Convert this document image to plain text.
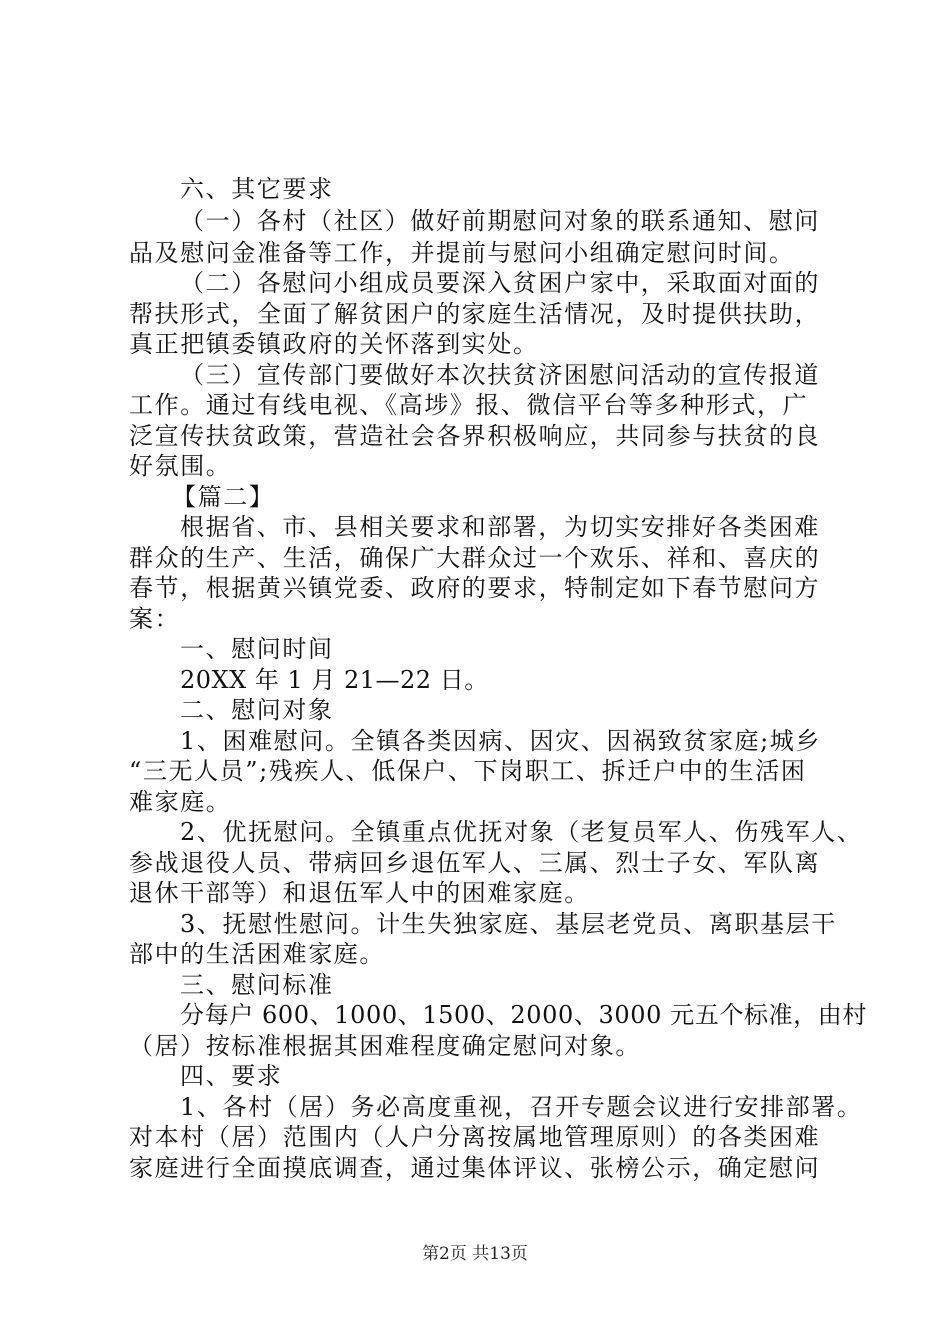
六、其它要求
（一）各村（社区）做好前期慰问对象的联系通知、慰问
品及慰问金准备等工作，并提前与慰问小组确定慰问时间。
（二）各慰问小组成员要深入贫困户家中，采取面对面的
帮扶形式，全面了解贫困户的家庭生活情况，及时提供扶助，
真正把镇委镇政府的关怀落到实处。
（三）宣传部门要做好本次扶贫济困慰问活动的宣传报道
工作。通过有线电视、《高埗》报、微信平台等多种形式，广
泛宣传扶贫政策，营造社会各界积极响应，共同参与扶贫的良
好氛围。
【篇二】
根据省、市、县相关要求和部署，为切实安排好各类困难
群众的生产、生活，确保广大群众过一个欢乐、祥和、喜庆的
春节，根据黄兴镇党委、政府的要求，特制定如下春节慰问方
案：
一、慰问时间
20XX 年 1 月 21—22 日。
二、慰问对象
1、困难慰问。全镇各类因病、因灾、因祸致贫家庭;城乡
“三无人员”;残疾人、低保户、下岗职工、拆迁户中的生活困
难家庭。
2、优抚慰问。全镇重点优抚对象（老复员军人、伤残军人、
参战退役人员、带病回乡退伍军人、三属、烈士子女、军队离
退休干部等）和退伍军人中的困难家庭。
3、抚慰性慰问。计生失独家庭、基层老党员、离职基层干
部中的生活困难家庭。
三、慰问标准
分每户 600、1000、1500、2000、3000 元五个标准，由村
（居）按标准根据其困难程度确定慰问对象。
四、要求
1、各村（居）务必高度重视，召开专题会议进行安排部署。
对本村（居）范围内（人户分离按属地管理原则）的各类困难
家庭进行全面摸底调查，通过集体评议、张榜公示，确定慰问
第2页 共13页
